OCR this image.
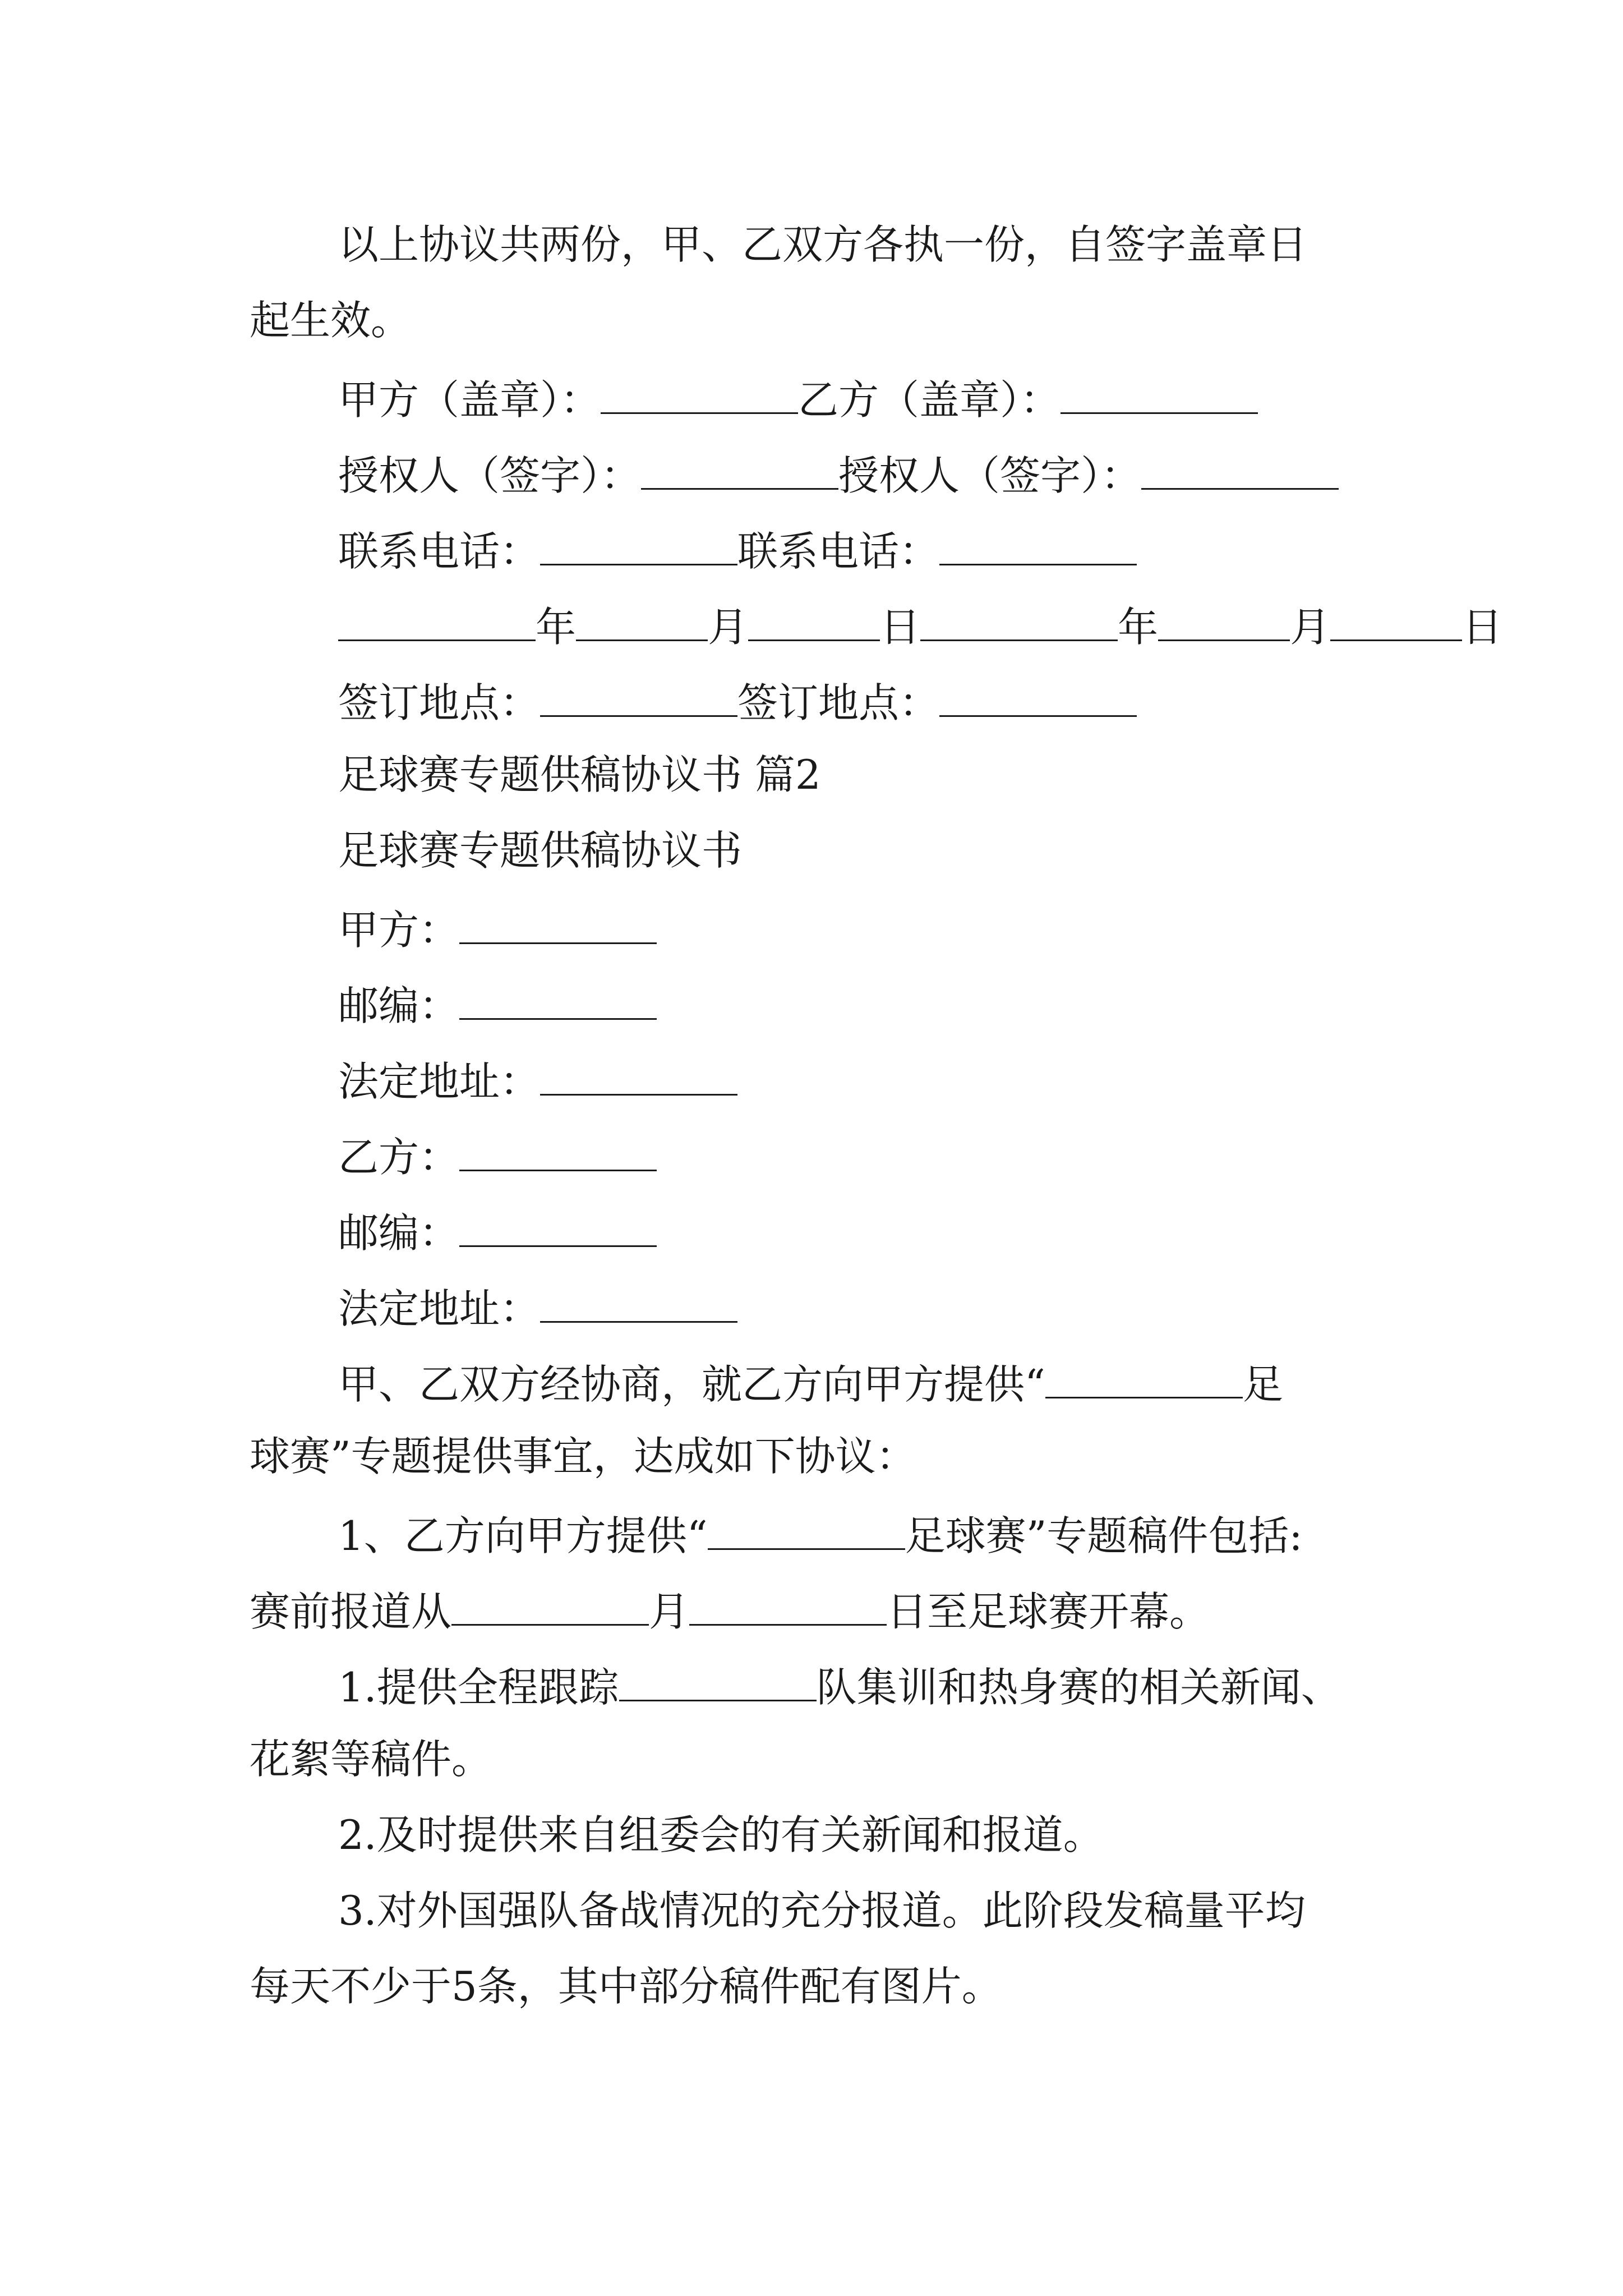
以上协议共两份，甲、乙双方各执一份，自签字盖章日
起生效。
甲方（盖章）：	乙方（盖章）：
授权人（签字）：	授权人（签字）：
联系电话：	联系电话：
年	月	日	年	月	日
签订地点：	签订地点：
足球赛专题供稿协议书 篇2
足球赛专题供稿协议书
甲方：
邮编：
法定地址：
乙方：
邮编：
法定地址：
甲、乙双方经协商，就乙方向甲方提供“	足
球赛”专题提供事宜，达成如下协议：
1、乙方向甲方提供“	足球赛”专题稿件包括:
赛前报道从	月	日至足球赛开幕。
1.提供全程跟踪	队集训和热身赛的相关新闻、
花絮等稿件。
2.及时提供来自组委会的有关新闻和报道。
3.对外国强队备战情况的充分报道。此阶段发稿量平均
每天不少于5条，其中部分稿件配有图片。
